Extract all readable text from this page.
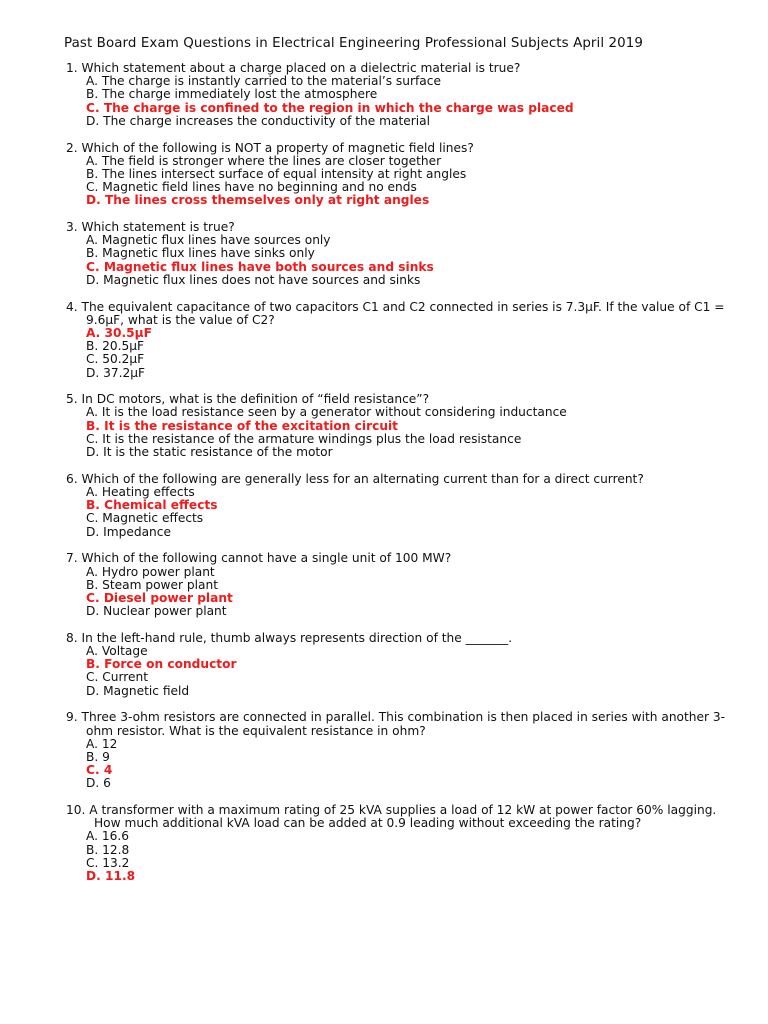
Past Board Exam Questions in Electrical Engineering Professional Subjects April 2019
1. Which statement about a charge placed on a dielectric material is true?
A. The charge is instantly carried to the material’s surface
B. The charge immediately lost the atmosphere
C. The charge is confined to the region in which the charge was placed
D. The charge increases the conductivity of the material
2. Which of the following is NOT a property of magnetic field lines?
A. The field is stronger where the lines are closer together
B. The lines intersect surface of equal intensity at right angles
C. Magnetic field lines have no beginning and no ends
D. The lines cross themselves only at right angles
3. Which statement is true?
A. Magnetic flux lines have sources only
B. Magnetic flux lines have sinks only
C. Magnetic flux lines have both sources and sinks
D. Magnetic flux lines does not have sources and sinks
4. The equivalent capacitance of two capacitors C1 and C2 connected in series is 7.3μF. If the value of C1 = 9.6μF, what is the value of C2?
A. 30.5μF
B. 20.5μF
C. 50.2μF
D. 37.2μF
5. In DC motors, what is the definition of “field resistance”?
A. It is the load resistance seen by a generator without considering inductance
B. It is the resistance of the excitation circuit
C. It is the resistance of the armature windings plus the load resistance
D. It is the static resistance of the motor
6. Which of the following are generally less for an alternating current than for a direct current?
A. Heating effects
B. Chemical effects
C. Magnetic effects
D. Impedance
7. Which of the following cannot have a single unit of 100 MW?
A. Hydro power plant
B. Steam power plant
C. Diesel power plant
D. Nuclear power plant
8. In the left-hand rule, thumb always represents direction of the _______.
A. Voltage
B. Force on conductor
C. Current
D. Magnetic field
9. Three 3-ohm resistors are connected in parallel. This combination is then placed in series with another 3-ohm resistor. What is the equivalent resistance in ohm?
A. 12
B. 9
C. 4
D. 6
10. A transformer with a maximum rating of 25 kVA supplies a load of 12 kW at power factor 60% lagging. How much additional kVA load can be added at 0.9 leading without exceeding the rating?
A. 16.6
B. 12.8
C. 13.2
D. 11.8
